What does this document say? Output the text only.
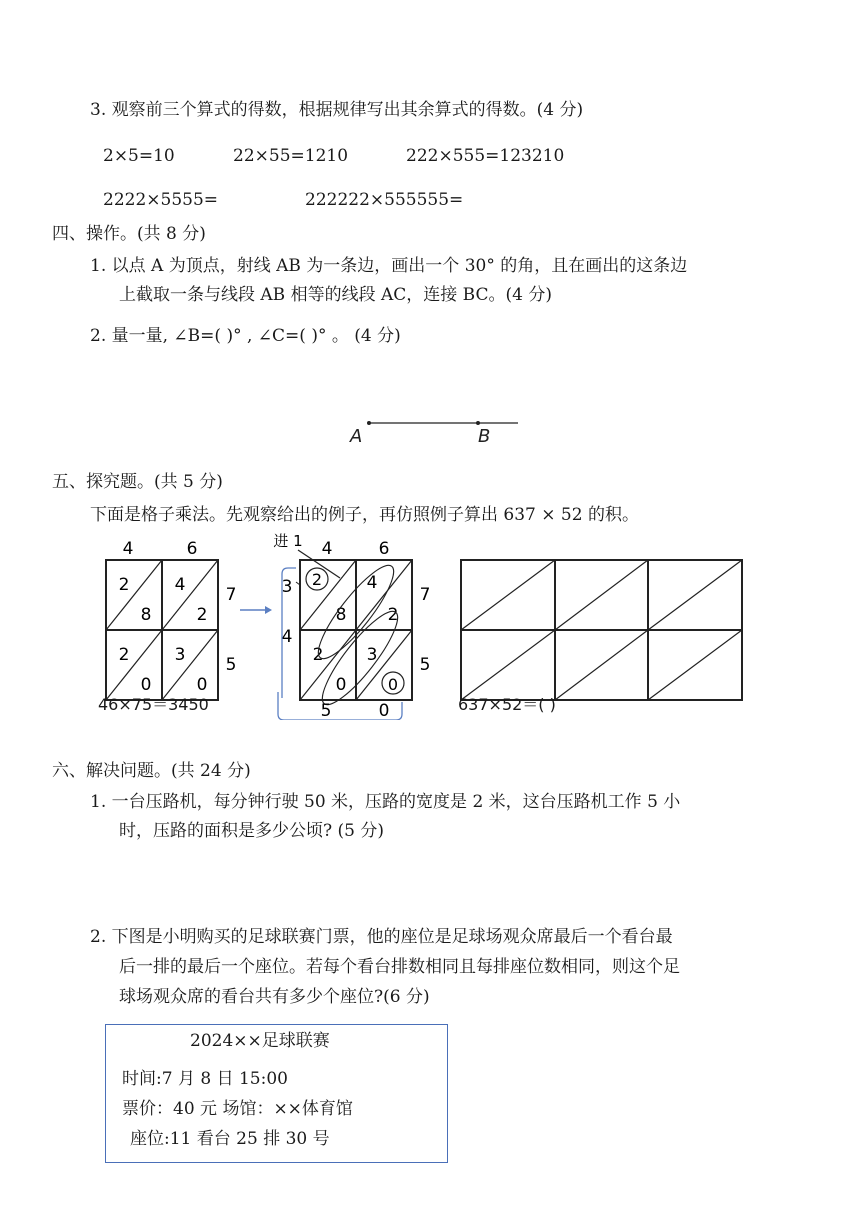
3. 观察前三个算式的得数，根据规律写出其余算式的得数。(4 分)
2×5=10	22×55=1210	222×555=123210
2222×5555=	222222×555555=
四、操作。(共 8 分)
1. 以点 A 为顶点，射线 AB 为一条边，画出一个 30° 的角，且在画出的这条边
上截取一条与线段 AB 相等的线段 AC，连接 BC。(4 分)
2. 量一量, ∠B=( )° , ∠C=( )° 。 (4 分)
A	B
五、探究题。(共 5 分)
下面是格子乘法。先观察给出的例子，再仿照例子算出 637 × 52 的积。
4	6
2
8
4
2
2
0
3
0
7
5
进 1 4	6
2
8
4
2
2
0
3
0
7
5
3
4
5	0
46×75＝3450	637×52＝( )
六、解决问题。(共 24 分)
1. 一台压路机，每分钟行驶 50 米，压路的宽度是 2 米，这台压路机工作 5 小
时，压路的面积是多少公顷? (5 分)
2. 下图是小明购买的足球联赛门票，他的座位是足球场观众席最后一个看台最
后一排的最后一个座位。若每个看台排数相同且每排座位数相同，则这个足
球场观众席的看台共有多少个座位?(6 分)
2024××足球联赛
时间:7 月 8 日 15:00
票价：40 元 场馆：××体育馆
座位:11 看台 25 排 30 号
